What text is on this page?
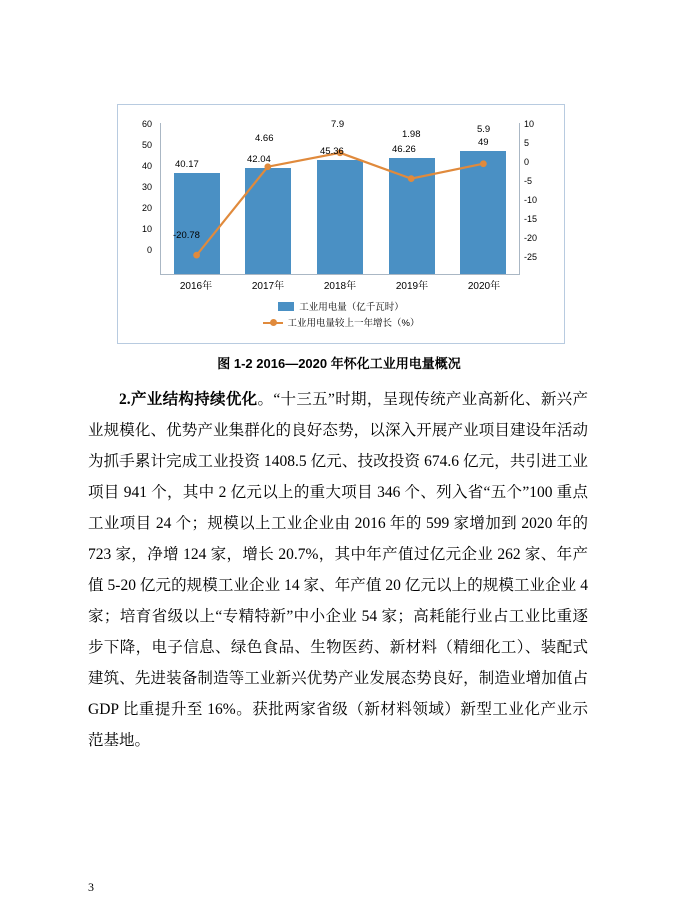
60
50
40
30
20
10
0
10
5
0
-5
-10
-15
-20
-25
40.17	42.04
45.36	46.26
49
-20.78
4.66
7.9
1.98	5.9
2016年	2017年	2018年	2019年	2020年
工业用电量（亿千瓦时）
工业用电量较上一年增长（%）
图 1-2 2016—2020 年怀化工业用电量概况
2.产业结构持续优化。“十三五”时期，呈现传统产业高新化、新兴产业规模化、优势产业集群化的良好态势，以深入开展产业项目建设年活动为抓手累计完成工业投资 1408.5 亿元、技改投资 674.6 亿元，共引进工业项目 941 个，其中 2 亿元以上的重大项目 346 个、列入省“五个”100 重点工业项目 24 个；规模以上工业企业由 2016 年的 599 家增加到 2020 年的 723 家，净增 124 家，增长 20.7%，其中年产值过亿元企业 262 家、年产值 5-20 亿元的规模工业企业 14 家、年产值 20 亿元以上的规模工业企业 4 家；培育省级以上“专精特新”中小企业 54 家；高耗能行业占工业比重逐步下降，电子信息、绿色食品、生物医药、新材料（精细化工）、装配式建筑、先进装备制造等工业新兴优势产业发展态势良好，制造业增加值占 GDP 比重提升至 16%。获批两家省级（新材料领域）新型工业化产业示范基地。
3
